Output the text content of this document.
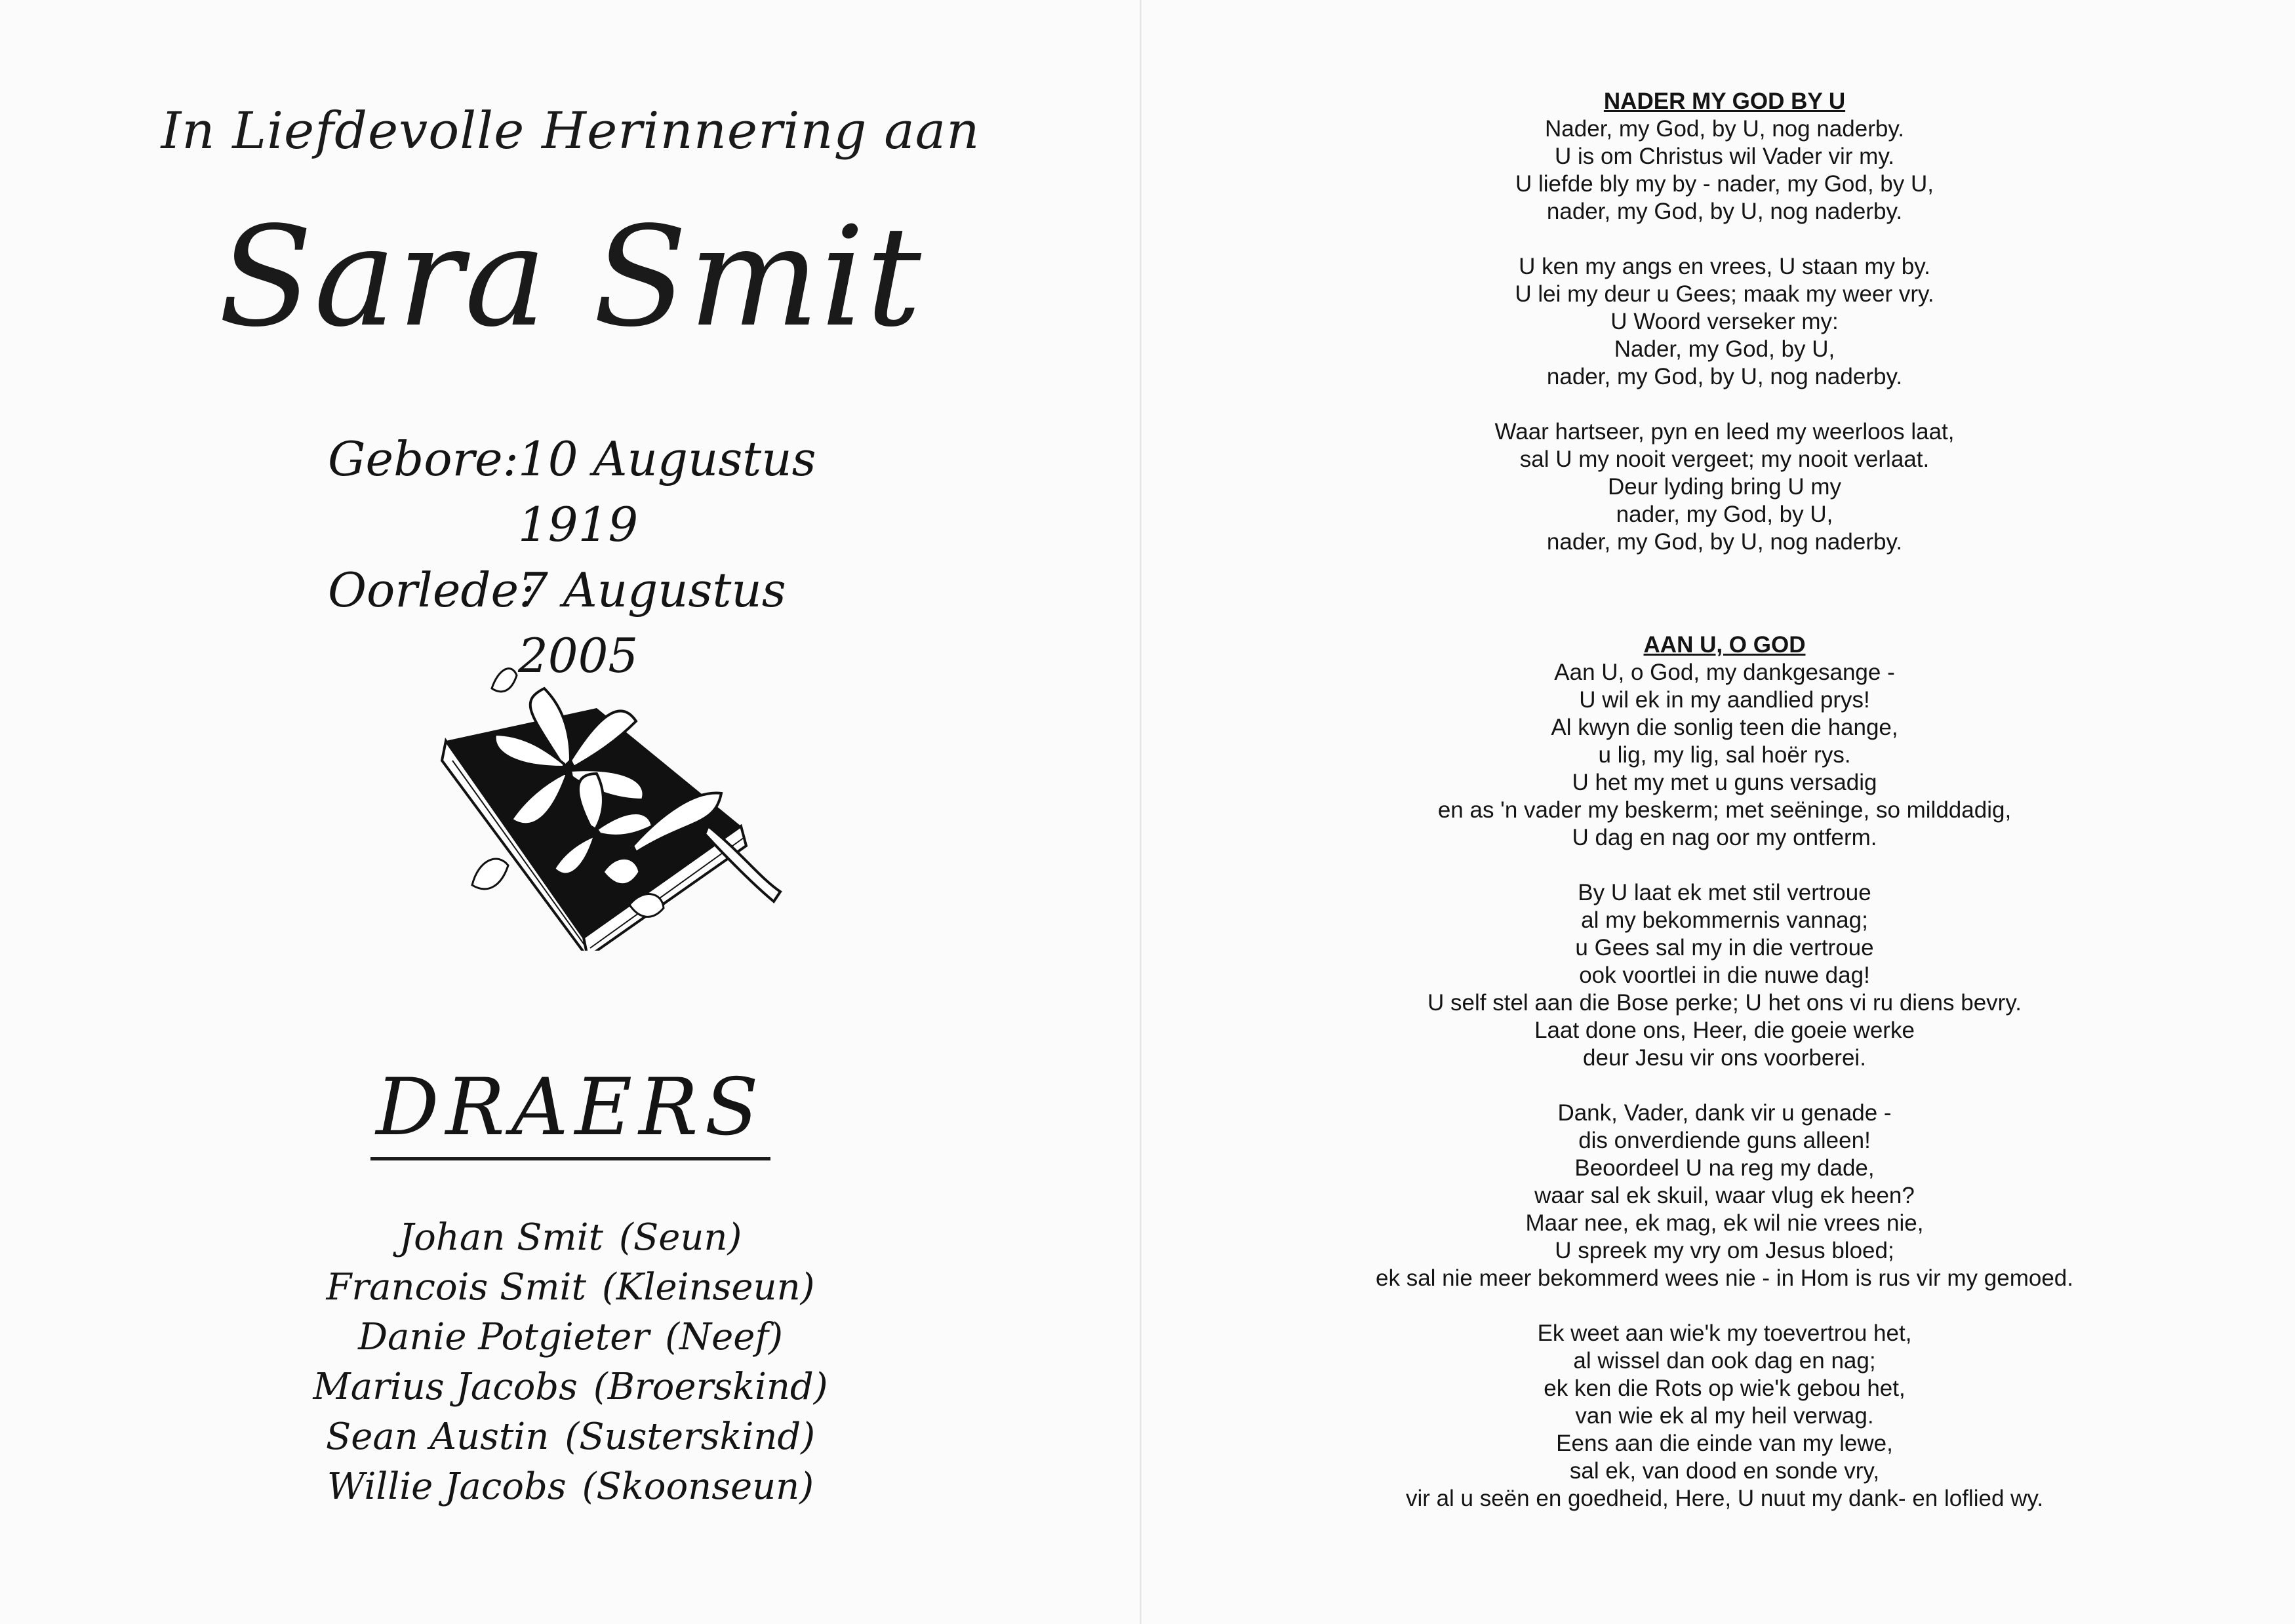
In Liefdevolle Herinnering aan
Sara Smit
Gebore: 10 Augustus 1919
Oorlede:
7 Augustus 2005
DRAERS
Johan Smit (Seun)
Francois Smit (Kleinseun)
Danie Potgieter (Neef)
Marius Jacobs (Broerskind)
Sean Austin (Susterskind)
Willie Jacobs (Skoonseun)
NADER MY GOD BY U
Nader, my God, by U, nog naderby.
U is om Christus wil Vader vir my.
U liefde bly my by - nader, my God, by U,
nader, my God, by U, nog naderby.
U ken my angs en vrees, U staan my by.
U lei my deur u Gees; maak my weer vry.
U Woord verseker my:
Nader, my God, by U,
nader, my God, by U, nog naderby.
Waar hartseer, pyn en leed my weerloos laat,
sal U my nooit vergeet; my nooit verlaat.
Deur lyding bring U my
nader, my God, by U,
nader, my God, by U, nog naderby.
AAN U, O GOD
Aan U, o God, my dankgesange -
U wil ek in my aandlied prys!
Al kwyn die sonlig teen die hange,
u lig, my lig, sal hoër rys.
U het my met u guns versadig
en as 'n vader my beskerm; met seëninge, so milddadig,
U dag en nag oor my ontferm.
By U laat ek met stil vertroue
al my bekommernis vannag;
u Gees sal my in die vertroue
ook voortlei in die nuwe dag!
U self stel aan die Bose perke; U het ons vi ru diens bevry.
Laat done ons, Heer, die goeie werke
deur Jesu vir ons voorberei.
Dank, Vader, dank vir u genade -
dis onverdiende guns alleen!
Beoordeel U na reg my dade,
waar sal ek skuil, waar vlug ek heen?
Maar nee, ek mag, ek wil nie vrees nie,
U spreek my vry om Jesus bloed;
ek sal nie meer bekommerd wees nie - in Hom is rus vir my gemoed.
Ek weet aan wie'k my toevertrou het,
al wissel dan ook dag en nag;
ek ken die Rots op wie'k gebou het,
van wie ek al my heil verwag.
Eens aan die einde van my lewe,
sal ek, van dood en sonde vry,
vir al u seën en goedheid, Here, U nuut my dank- en loflied wy.
